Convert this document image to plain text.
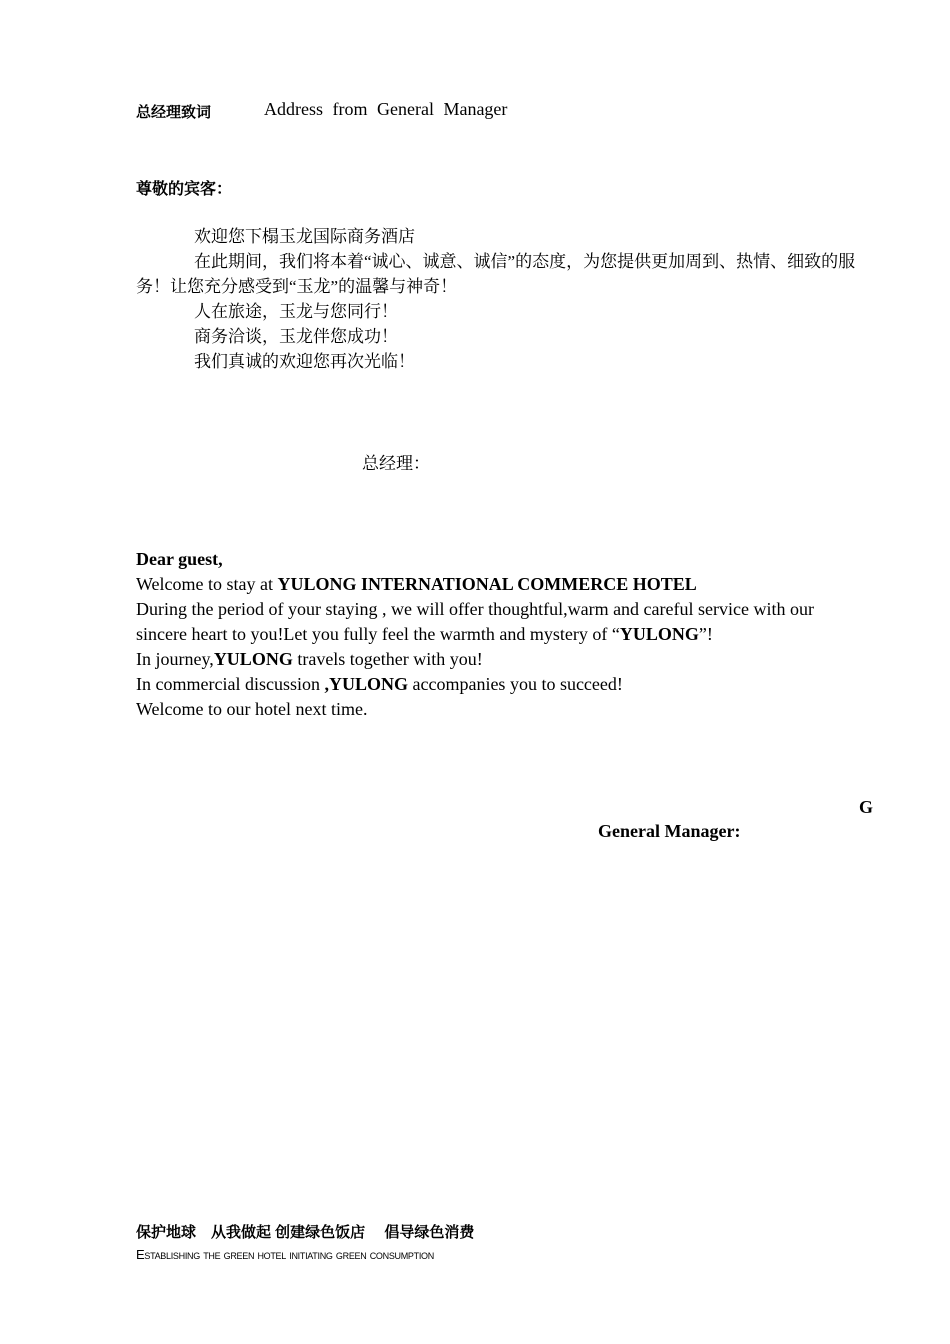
总经理致词	Address from General Manager
尊敬的宾客：

欢迎您下榻玉龙国际商务酒店

在此期间，我们将本着“诚心、诚意、诚信”的态度，为您提供更加周到、热情、细致的服务！让您充分感受到“玉龙”的温馨与神奇！

人在旅途，玉龙与您同行！

商务洽谈，玉龙伴您成功！

我们真诚的欢迎您再次光临！

总经理：

Dear guest,

Welcome to stay at YULONG INTERNATIONAL COMMERCE HOTEL

During the period of your staying , we will offer thoughtful,warm and careful service with our sincere heart to you!Let you fully feel the warmth and mystery of “YULONG”!

In journey,YULONG travels together with you!

In commercial discussion ,YULONG accompanies you to succeed!

Welcome to our hotel next time.

G
General Manager:
保护地球　从我做起 创建绿色饭店　 倡导绿色消费
Establishing the green hotel initiating green consumption
